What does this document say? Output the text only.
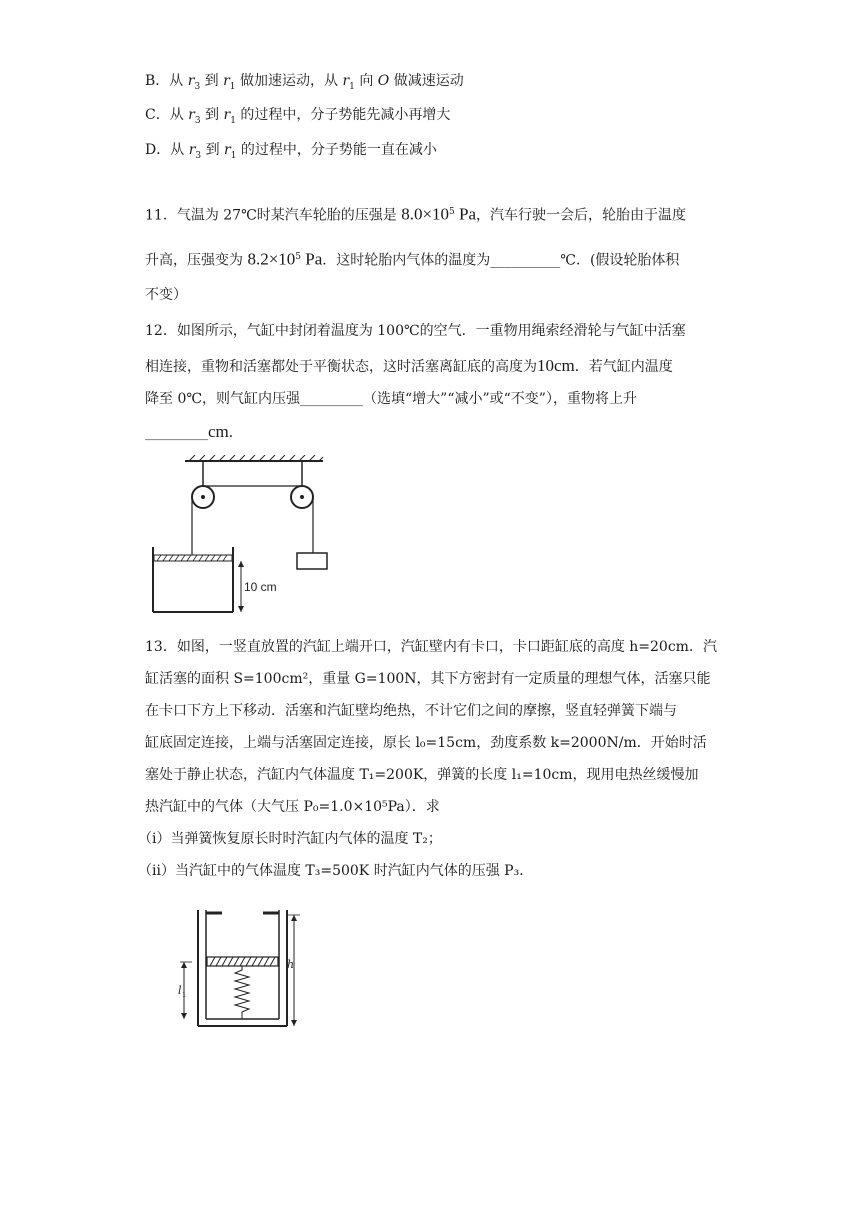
B．从 $r_3$ 到 $r_1$ 做加速运动，从 $r_1$ 向 O 做减速运动
C．从 $r_3$ 到 $r_1$ 的过程中，分子势能先减小再增大
D．从 $r_3$ 到 $r_1$ 的过程中，分子势能一直在减小
11．气温为 27℃时某汽车轮胎的压强是 $8.0\times 10^5$ Pa，汽车行驶一会后，轮胎由于温度
升高，压强变为 $8.2\times 10^5$ Pa．这时轮胎内气体的温度为__________℃．(假设轮胎体积
不变）
12．如图所示，气缸中封闭着温度为 100℃的空气．一重物用绳索经滑轮与气缸中活塞
相连接，重物和活塞都处于平衡状态，这时活塞离缸底的高度为10cm．若气缸内温度
降至 0℃，则气缸内压强_________（选填“增大”“减小”或“不变”），重物将上升
_________cm．
10 cm
13．如图，一竖直放置的汽缸上端开口，汽缸壁内有卡口，卡口距缸底的高度 h=20cm．汽
缸活塞的面积 S=100cm²，重量 G=100N，其下方密封有一定质量的理想气体，活塞只能
在卡口下方上下移动．活塞和汽缸壁均绝热，不计它们之间的摩擦，竖直轻弹簧下端与
缸底固定连接，上端与活塞固定连接，原长 l₀=15cm，劲度系数 k=2000N/m．开始时活
塞处于静止状态，汽缸内气体温度 T₁=200K，弹簧的长度 l₁=10cm，现用电热丝缓慢加
热汽缸中的气体（大气压 P₀=1.0×10⁵Pa）．求
（i）当弹簧恢复原长时时汽缸内气体的温度 T₂；
（ⅱ）当汽缸中的气体温度 T₃=500K 时汽缸内气体的压强 P₃．
l 1
h
